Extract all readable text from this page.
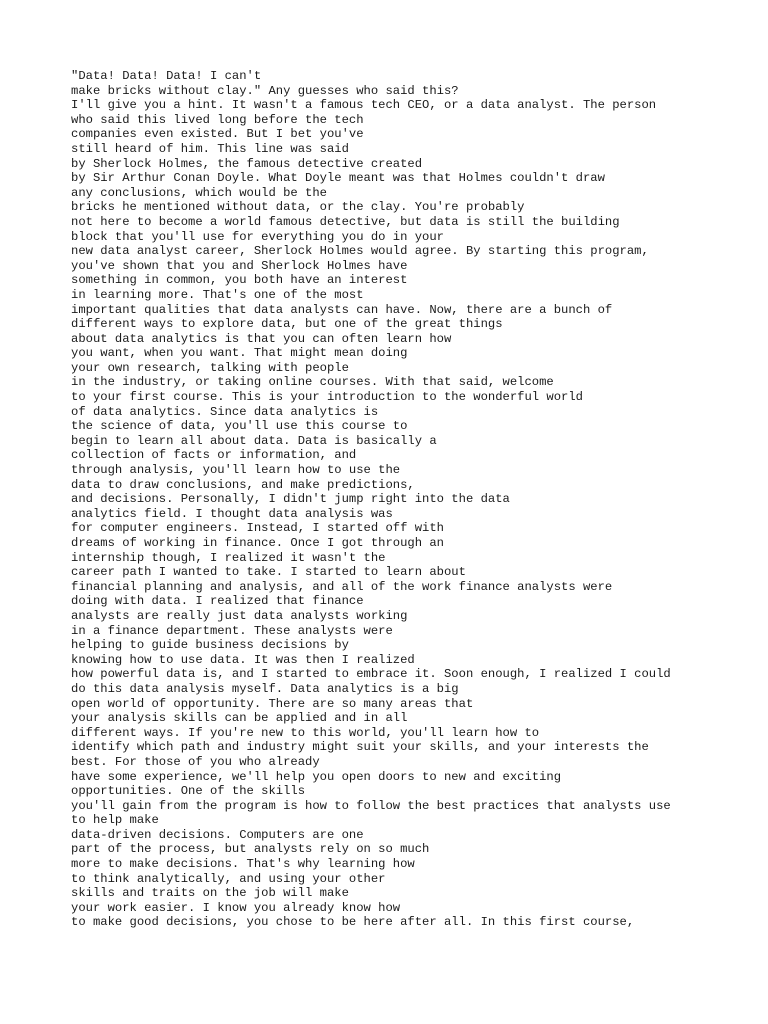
"Data! Data! Data! I can't
make bricks without clay." Any guesses who said this?
I'll give you a hint. It wasn't a famous tech CEO, or a data analyst. The person
who said this lived long before the tech
companies even existed. But I bet you've
still heard of him. This line was said
by Sherlock Holmes, the famous detective created
by Sir Arthur Conan Doyle. What Doyle meant was that Holmes couldn't draw
any conclusions, which would be the
bricks he mentioned without data, or the clay. You're probably
not here to become a world famous detective, but data is still the building
block that you'll use for everything you do in your
new data analyst career, Sherlock Holmes would agree. By starting this program,
you've shown that you and Sherlock Holmes have
something in common, you both have an interest
in learning more. That's one of the most
important qualities that data analysts can have. Now, there are a bunch of
different ways to explore data, but one of the great things
about data analytics is that you can often learn how
you want, when you want. That might mean doing
your own research, talking with people
in the industry, or taking online courses. With that said, welcome
to your first course. This is your introduction to the wonderful world
of data analytics. Since data analytics is
the science of data, you'll use this course to
begin to learn all about data. Data is basically a
collection of facts or information, and
through analysis, you'll learn how to use the
data to draw conclusions, and make predictions,
and decisions. Personally, I didn't jump right into the data
analytics field. I thought data analysis was
for computer engineers. Instead, I started off with
dreams of working in finance. Once I got through an
internship though, I realized it wasn't the
career path I wanted to take. I started to learn about
financial planning and analysis, and all of the work finance analysts were
doing with data. I realized that finance
analysts are really just data analysts working
in a finance department. These analysts were
helping to guide business decisions by
knowing how to use data. It was then I realized
how powerful data is, and I started to embrace it. Soon enough, I realized I could
do this data analysis myself. Data analytics is a big
open world of opportunity. There are so many areas that
your analysis skills can be applied and in all
different ways. If you're new to this world, you'll learn how to
identify which path and industry might suit your skills, and your interests the
best. For those of you who already
have some experience, we'll help you open doors to new and exciting
opportunities. One of the skills
you'll gain from the program is how to follow the best practices that analysts use
to help make
data-driven decisions. Computers are one
part of the process, but analysts rely on so much
more to make decisions. That's why learning how
to think analytically, and using your other
skills and traits on the job will make
your work easier. I know you already know how
to make good decisions, you chose to be here after all. In this first course,
